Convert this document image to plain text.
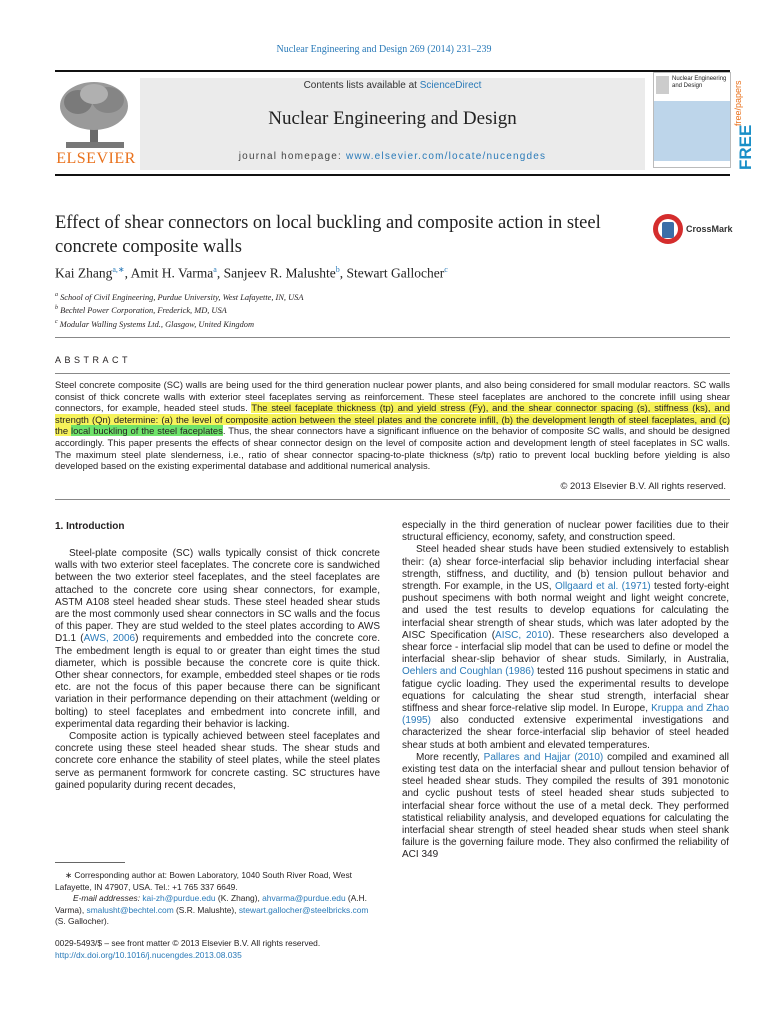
Nuclear Engineering and Design 269 (2014) 231–239
ELSEVIER
Contents lists available at ScienceDirect
Nuclear Engineering and Design
journal homepage: www.elsevier.com/locate/nucengdes
Nuclear Engineering and Design
FREE
free/papers
Effect of shear connectors on local buckling and composite action in steel concrete composite walls
CrossMark
Kai Zhang$^{a,∗}$, Amit H. Varma$^a$, Sanjeev R. Malushte$^b$, Stewart Gallocher$^c$
$^a$ School of Civil Engineering, Purdue University, West Lafayette, IN, USA
$^b$ Bechtel Power Corporation, Frederick, MD, USA
$^c$ Modular Walling Systems Ltd., Glasgow, United Kingdom
ABSTRACT
Steel concrete composite (SC) walls are being used for the third generation nuclear power plants, and also being considered for small modular reactors. SC walls consist of thick concrete walls with exterior steel faceplates serving as reinforcement. These steel faceplates are anchored to the concrete infill using shear connectors, for example, headed steel studs. The steel faceplate thickness (tp) and yield stress (Fy), and the shear connector spacing (s), stiffness (ks), and strength (Qn) determine: (a) the level of composite action between the steel plates and the concrete infill, (b) the development length of steel faceplates, and (c) the local buckling of the steel faceplates. Thus, the shear connectors have a significant influence on the behavior of composite SC walls, and should be designed accordingly. This paper presents the effects of shear connector design on the level of composite action and development length of steel faceplates in SC walls. The maximum steel plate slenderness, i.e., ratio of shear connector spacing-to-plate thickness (s/tp) ratio to prevent local buckling before yielding is also developed based on the existing experimental database and additional numerical analysis.
© 2013 Elsevier B.V. All rights reserved.
1. Introduction

Steel-plate composite (SC) walls typically consist of thick concrete walls with two exterior steel faceplates. The concrete core is sandwiched between the two exterior steel faceplates, and the steel faceplates are attached to the concrete core using shear connectors, for example, ASTM A108 steel headed shear studs. These steel headed shear studs are the most commonly used shear connectors in SC walls and the focus of this paper. They are stud welded to the steel plates according to AWS D1.1 (AWS, 2006) requirements and embedded into the concrete core. The embedment length is equal to or greater than eight times the stud diameter, which is possible because the concrete core is quite thick. Other shear connectors, for example, embedded steel shapes or tie rods etc. are not the focus of this paper because there can be significant variation in their performance depending on their attachment (welding or bolting) to steel faceplates and embedment into concrete infill, and experimental data regarding their behavior is lacking.

Composite action is typically achieved between steel faceplates and concrete using these steel headed shear studs. The shear studs and concrete core enhance the stability of steel plates, while the steel plates serve as permanent formwork for concrete casting. SC structures have gained popularity during recent decades,

∗ Corresponding author at: Bowen Laboratory, 1040 South River Road, West Lafayette, IN 47907, USA. Tel.: +1 765 337 6649.

E-mail addresses: kai-zh@purdue.edu (K. Zhang), ahvarma@purdue.edu (A.H. Varma), smalusht@bechtel.com (S.R. Malushte), stewart.gallocher@steelbricks.com (S. Gallocher).

0029-5493/$ – see front matter © 2013 Elsevier B.V. All rights reserved.

http://dx.doi.org/10.1016/j.nucengdes.2013.08.035

especially in the third generation of nuclear power facilities due to their structural efficiency, economy, safety, and construction speed.

Steel headed shear studs have been studied extensively to establish their: (a) shear force-interfacial slip behavior including interfacial shear strength, stiffness, and ductility, and (b) tension pullout behavior and strength. For example, in the US, Ollgaard et al. (1971) tested forty-eight pushout specimens with both normal weight and light weight concrete, and used the test results to develop equations for calculating the interfacial shear strength of shear studs, which was later adopted by the AISC Specification (AISC, 2010). These researchers also developed a shear force - interfacial slip model that can be used to define or model the interfacial shear-slip behavior of shear studs. Similarly, in Australia, Oehlers and Coughlan (1986) tested 116 pushout specimens in static and fatigue cyclic loading. They used the experimental results to develope equations for calculating the shear stud strength, interfacial shear stiffness and shear force-relative slip model. In Europe, Kruppa and Zhao (1995) also conducted extensive experimental investigations and characterized the shear force-interfacial slip behavior of steel headed shear studs at both ambient and elevated temperatures.

More recently, Pallares and Hajjar (2010) compiled and examined all existing test data on the interfacial shear and pullout tension behavior of steel headed shear studs. They compiled the results of 391 monotonic and cyclic pushout tests of steel headed shear studs subjected to interfacial shear force without the use of a metal deck. They performed statistical reliability analysis, and developed equations for calculating the interfacial shear strength of steel headed shear studs when steel shank failure is the governing failure mode. They also confirmed the reliability of ACI 349
